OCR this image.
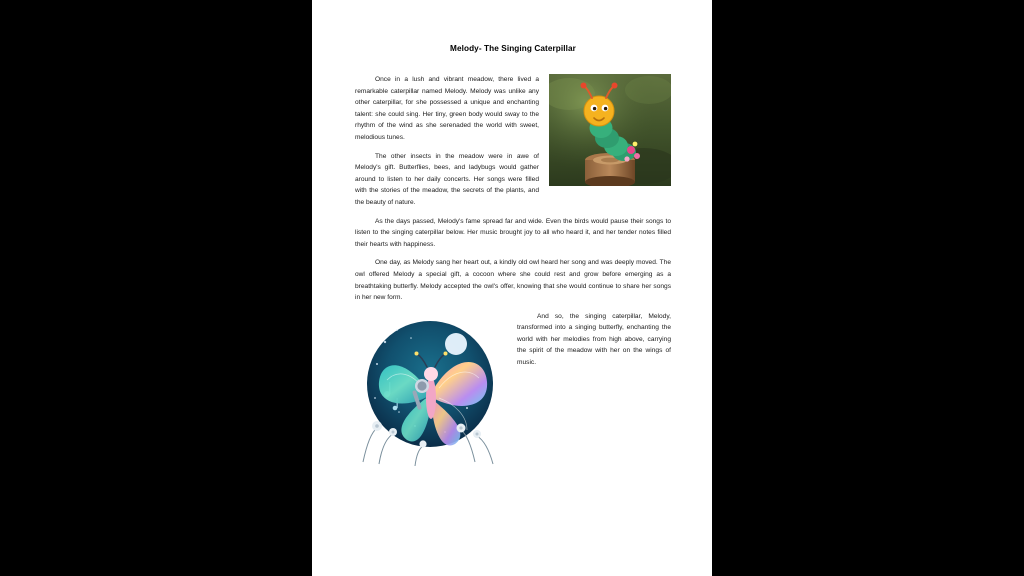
Melody- The Singing Caterpillar

Once in a lush and vibrant meadow, there lived a remarkable caterpillar named Melody. Melody was unlike any other caterpillar, for she possessed a unique and enchanting talent: she could sing. Her tiny, green body would sway to the rhythm of the wind as she serenaded the world with sweet, melodious tunes.

The other insects in the meadow were in awe of Melody's gift. Butterflies, bees, and ladybugs would gather around to listen to her daily concerts. Her songs were filled with the stories of the meadow, the secrets of the plants, and the beauty of nature.

As the days passed, Melody's fame spread far and wide. Even the birds would pause their songs to listen to the singing caterpillar below. Her music brought joy to all who heard it, and her tender notes filled their hearts with happiness.

One day, as Melody sang her heart out, a kindly old owl heard her song and was deeply moved. The owl offered Melody a special gift, a cocoon where she could rest and grow before emerging as a breathtaking butterfly. Melody accepted the owl's offer, knowing that she would continue to share her songs in her new form.

And so, the singing caterpillar, Melody, transformed into a singing butterfly, enchanting the world with her melodies from high above, carrying the spirit of the meadow with her on the wings of music.
